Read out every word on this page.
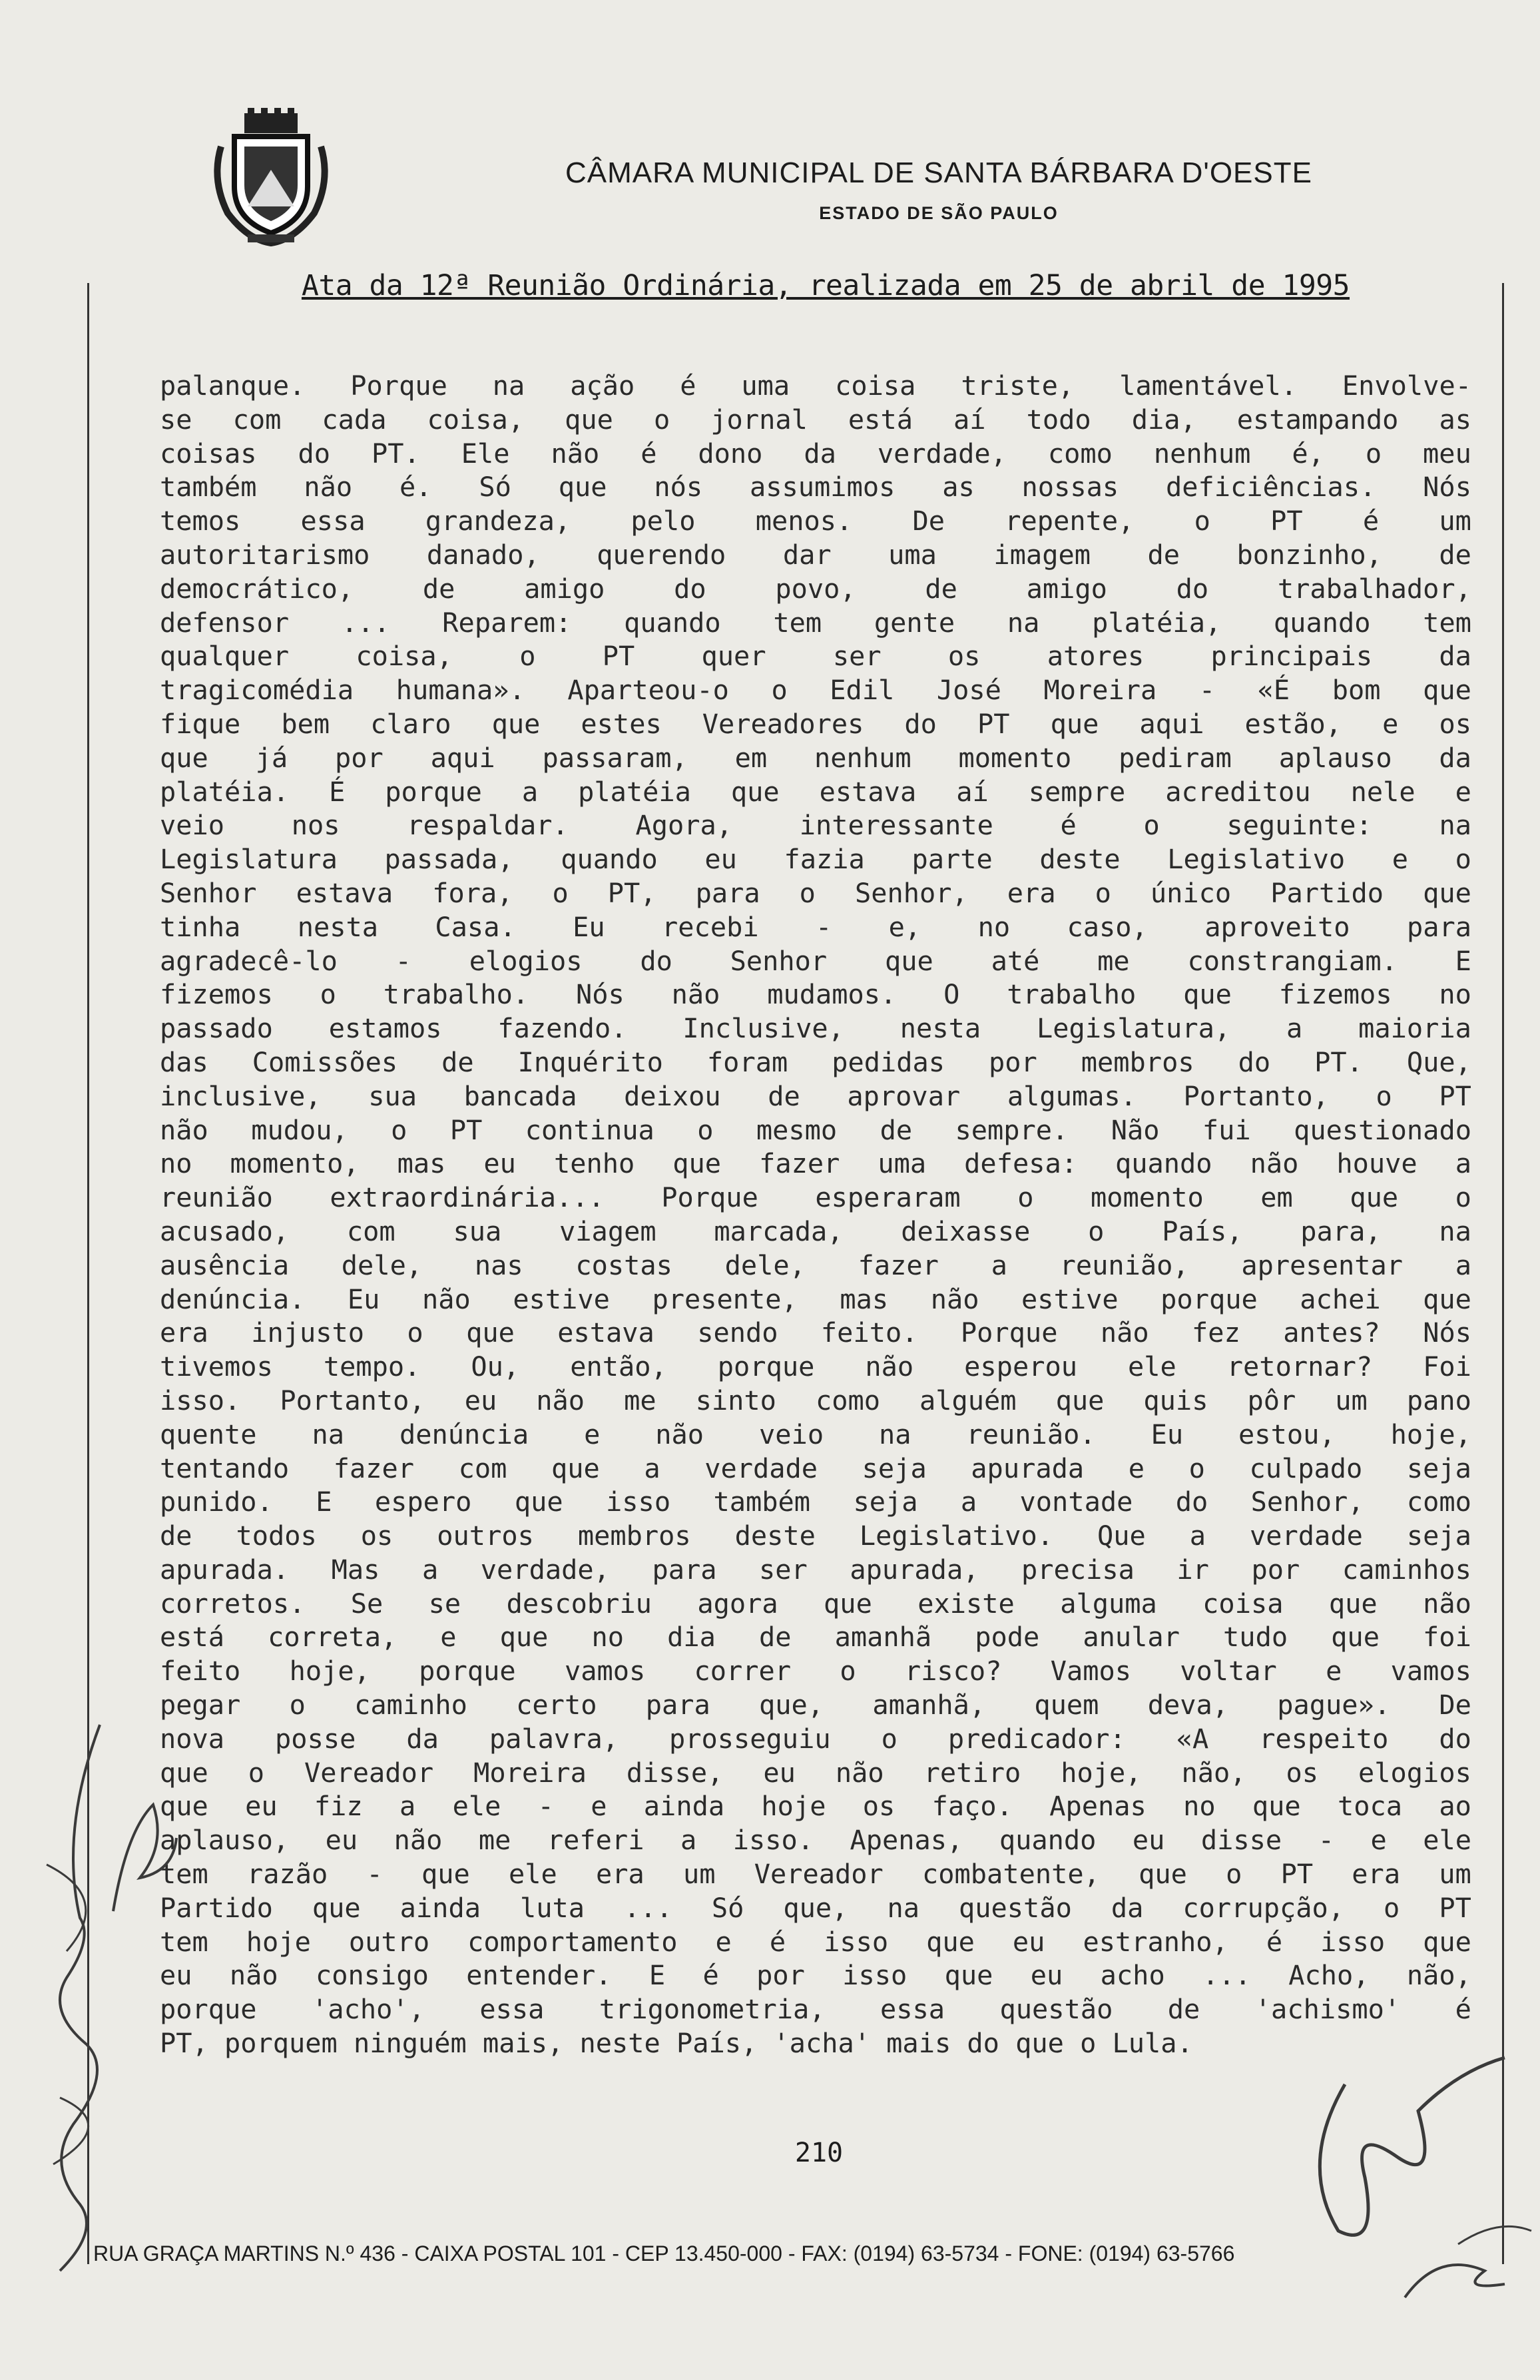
CÂMARA MUNICIPAL DE SANTA BÁRBARA D'OESTE
ESTADO DE SÃO PAULO
Ata da 12ª Reunião Ordinária, realizada em 25 de abril de 1995
palanque. Porque na ação é uma coisa triste, lamentável. Envolve-
se com cada coisa, que o jornal está aí todo dia, estampando as
coisas do PT. Ele não é dono da verdade, como nenhum é, o meu
também não é. Só que nós assumimos as nossas deficiências. Nós
temos essa grandeza, pelo menos. De repente, o PT é um
autoritarismo danado, querendo dar uma imagem de bonzinho, de
democrático,	de	amigo	do	povo,	de	amigo	do	trabalhador,
defensor ... Reparem: quando tem gente na platéia, quando tem
qualquer coisa, o PT quer ser os atores principais da
tragicomédia humana». Aparteou-o o Edil José Moreira - «É bom que
fique bem claro que estes Vereadores do PT que aqui estão, e os
que já por aqui passaram, em nenhum momento pediram aplauso da
platéia. É porque a platéia que estava aí sempre acreditou nele e
veio nos respaldar. Agora, interessante é o seguinte: na
Legislatura passada, quando eu fazia parte deste Legislativo e o
Senhor estava fora, o PT, para o Senhor, era o único Partido que
tinha nesta Casa. Eu recebi - e, no caso, aproveito para
agradecê-lo - elogios do Senhor que até me constrangiam. E
fizemos o trabalho. Nós não mudamos. O trabalho que fizemos no
passado estamos fazendo. Inclusive, nesta Legislatura, a maioria
das Comissões de Inquérito foram pedidas por membros do PT. Que,
inclusive, sua bancada deixou de aprovar algumas. Portanto, o PT
não mudou, o PT continua o mesmo de sempre. Não fui questionado
no momento, mas eu tenho que fazer uma defesa: quando não houve a
reunião extraordinária... Porque esperaram o momento em que o
acusado, com sua viagem marcada, deixasse o País, para, na
ausência dele, nas costas dele, fazer a reunião, apresentar a
denúncia. Eu não estive presente, mas não estive porque achei que
era injusto o que estava sendo feito. Porque não fez antes? Nós
tivemos tempo. Ou, então, porque não esperou ele retornar? Foi
isso. Portanto, eu não me sinto como alguém que quis pôr um pano
quente na denúncia e não veio na reunião. Eu estou, hoje,
tentando fazer com que a verdade seja apurada e o culpado seja
punido. E espero que isso também seja a vontade do Senhor, como
de todos os outros membros deste Legislativo. Que a verdade seja
apurada. Mas a verdade, para ser apurada, precisa ir por caminhos
corretos. Se se descobriu agora que existe alguma coisa que não
está correta, e que no dia de amanhã pode anular tudo que foi
feito hoje, porque vamos correr o risco? Vamos voltar e vamos
pegar o caminho certo para que, amanhã, quem deva, pague». De
nova posse da palavra, prosseguiu o predicador: «A respeito do
que o Vereador Moreira disse, eu não retiro hoje, não, os elogios
que eu fiz a ele - e ainda hoje os faço. Apenas no que toca ao
aplauso, eu não me referi a isso. Apenas, quando eu disse - e ele
tem razão - que ele era um Vereador combatente, que o PT era um
Partido que ainda luta ... Só que, na questão da corrupção, o PT
tem hoje outro comportamento e é isso que eu estranho, é isso que
eu não consigo entender. E é por isso que eu acho ... Acho, não,
porque 'acho', essa trigonometria, essa questão de 'achismo' é
PT, porquem ninguém mais, neste País, 'acha' mais do que o Lula.
210
RUA GRAÇA MARTINS N.º 436 - CAIXA POSTAL 101 - CEP 13.450-000 - FAX: (0194) 63-5734 - FONE: (0194) 63-5766
